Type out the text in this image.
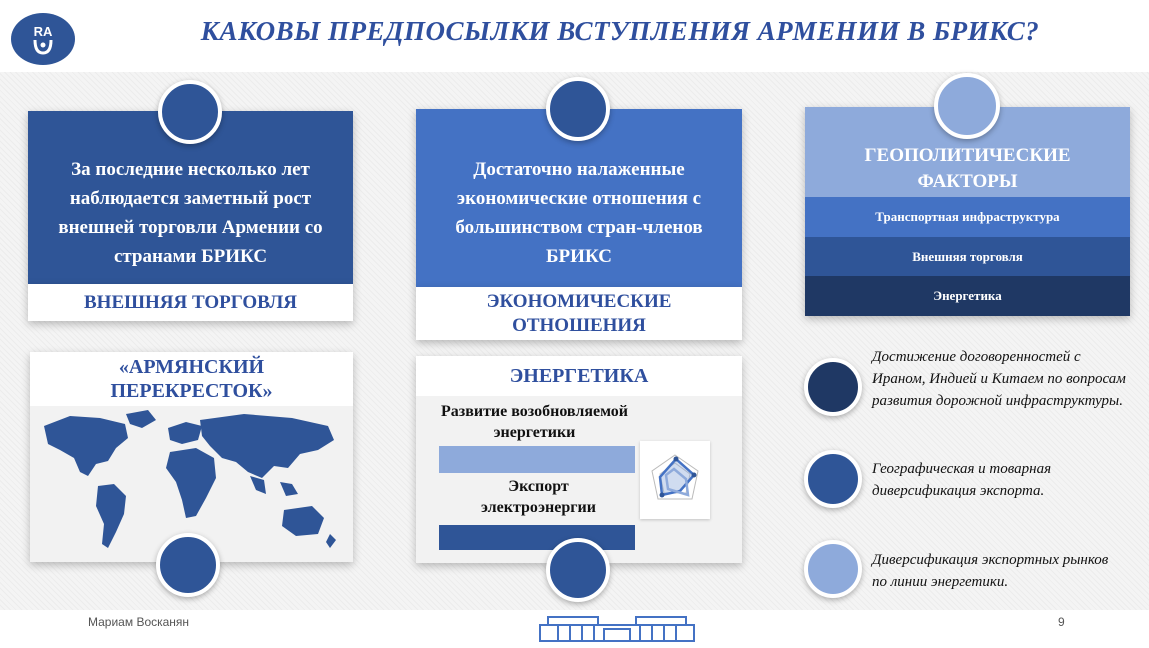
RA	КАКОВЫ ПРЕДПОСЫЛКИ ВСТУПЛЕНИЯ АРМЕНИИ В БРИКС?
За последние несколько лет наблюдается заметный рост внешней торговли Армении со странами БРИКС
ВНЕШНЯЯ ТОРГОВЛЯ
Достаточно налаженные экономические отношения с большинством стран-членов БРИКС
ЭКОНОМИЧЕСКИЕ ОТНОШЕНИЯ
ГЕОПОЛИТИЧЕСКИЕ ФАКТОРЫ
Транспортная инфраструктура
Внешняя торговля
Энергетика
«АРМЯНСКИЙ ПЕРЕКРЕСТОК»
ЭНЕРГЕТИКА
Развитие возобновляемой энергетики
Экспорт электроэнергии
Достижение договоренностей с Ираном, Индией и Китаем по вопросам развития дорожной инфраструктуры.
Географическая и товарная диверсификация экспорта.
Диверсификация экспортных рынков по линии энергетики.
Мариам Восканян	9
